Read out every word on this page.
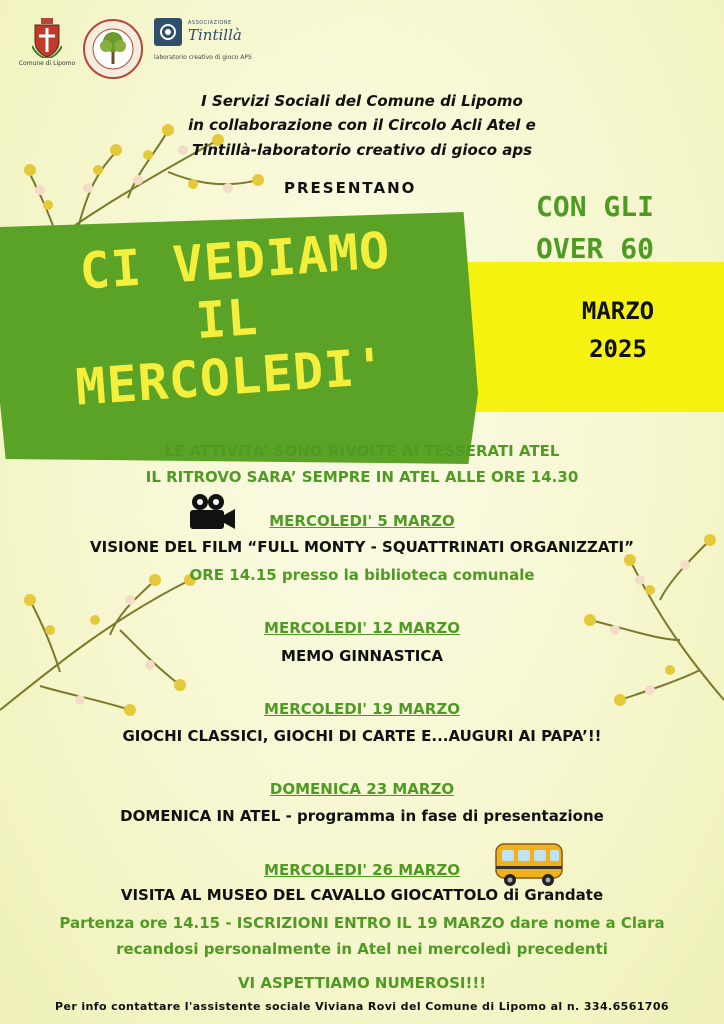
Comune di Lipomo
ASSOCIAZIONE
Tintillà
laboratorio creativo di gioco APS
I Servizi Sociali del Comune di Lipomo
in collaborazione con il Circolo Acli Atel e
Tintillà-laboratorio creativo di gioco aps
PRESENTANO
CI VEDIAMO
IL
MERCOLEDI'
CON GLI
OVER 60
MARZO
2025
LE ATTIVITA’ SONO RIVOLTE AI TESSERATI ATEL
IL RITROVO SARA’ SEMPRE IN ATEL ALLE ORE 14.30
MERCOLEDI' 5 MARZO
VISIONE DEL FILM “FULL MONTY - SQUATTRINATI ORGANIZZATI”
ORE 14.15 presso la biblioteca comunale
MERCOLEDI' 12 MARZO
MEMO GINNASTICA
MERCOLEDI' 19 MARZO
GIOCHI CLASSICI, GIOCHI DI CARTE E...AUGURI AI PAPA’!!
DOMENICA 23 MARZO
DOMENICA IN ATEL - programma in fase di presentazione
MERCOLEDI' 26 MARZO
VISITA AL MUSEO DEL CAVALLO GIOCATTOLO di Grandate
Partenza ore 14.15 - ISCRIZIONI ENTRO IL 19 MARZO dare nome a Clara
recandosi personalmente in Atel nei mercoledì precedenti
VI ASPETTIAMO NUMEROSI!!!
Per info contattare l'assistente sociale Viviana Rovi del Comune di Lipomo al n. 334.6561706
